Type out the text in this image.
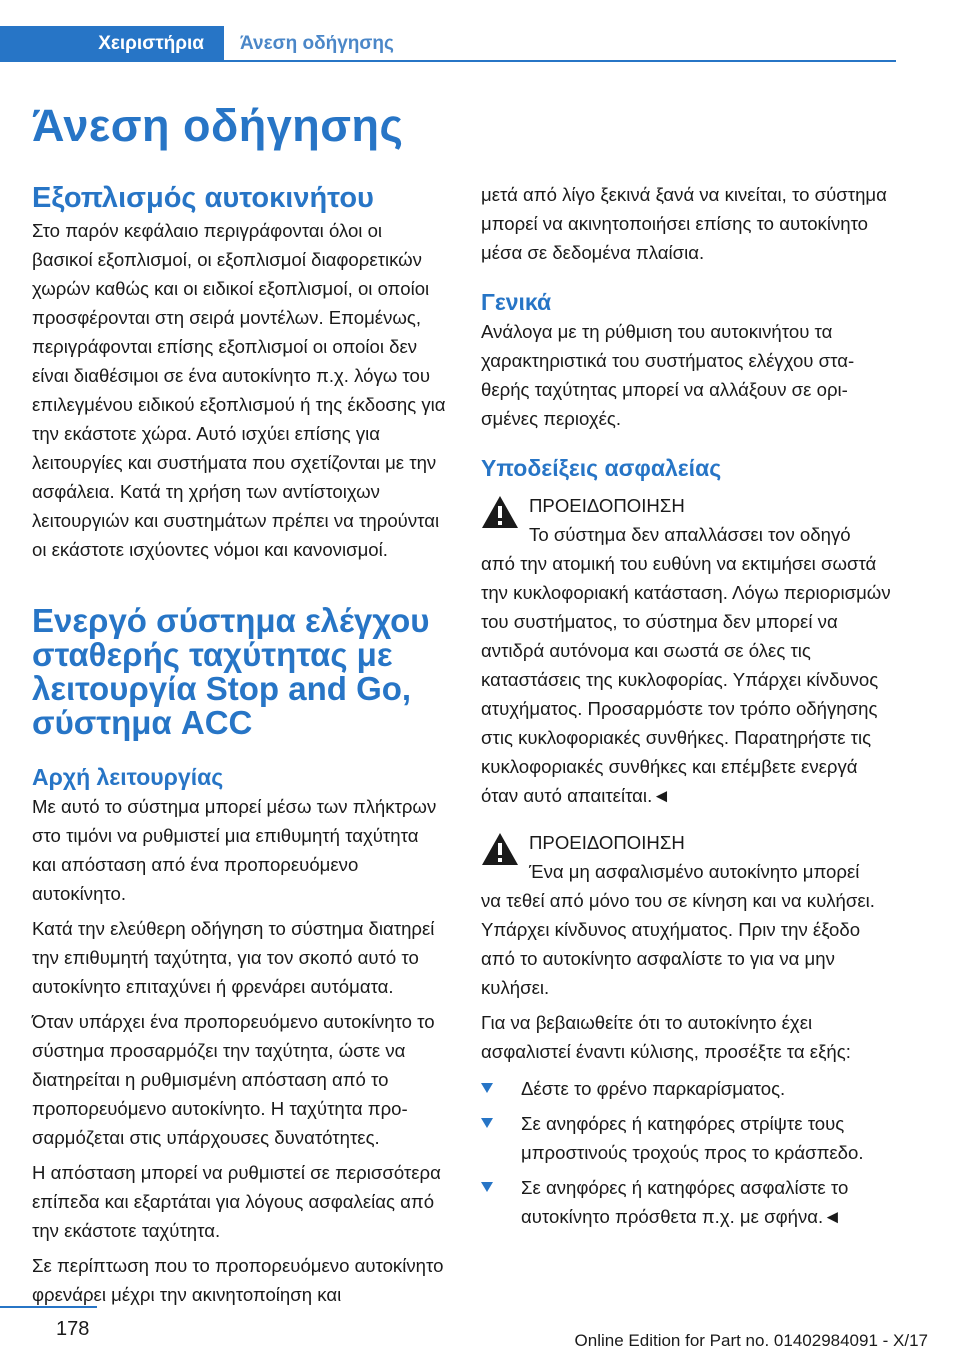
Χειριστήρια Άνεση οδήγησης
Άνεση οδήγησης
Εξοπλισμός αυτοκινήτου

Στο παρόν κεφάλαιο περιγράφονται όλοι οι βασικοί εξοπλισμοί, οι εξοπλισμοί διαφορετικών χωρών καθώς και οι ειδικοί εξοπλισμοί, οι οποίοι προσφέρονται στη σειρά μοντέλων. Επομένως, περιγράφονται επίσης εξοπλισμοί οι οποίοι δεν είναι διαθέσιμοι σε ένα αυτοκίνητο π.χ. λόγω του επιλεγμένου ειδικού εξοπλισμού ή της έκδοσης για την εκάστοτε χώρα. Αυτό ισχύει επίσης για λειτουργίες και συστήματα που σχετίζονται με την ασφάλεια. Κατά τη χρήση των αντίστοιχων λειτουργιών και συστημάτων πρέπει να τηρούνται οι εκάστοτε ισχύοντες νόμοι και κανονισμοί.

Ενεργό σύστημα ελέγχου σταθερής ταχύτητας με λειτουργία Stop and Go, σύστημα ACC
Αρχή λειτουργίας

Με αυτό το σύστημα μπορεί μέσω των πλήκτρων στο τιμόνι να ρυθμιστεί μια επιθυμητή ταχύτητα και απόσταση από ένα προπορευόμενο αυτοκίνητο.

Κατά την ελεύθερη οδήγηση το σύστημα διατηρεί την επιθυμητή ταχύτητα, για τον σκοπό αυτό το αυτοκίνητο επιταχύνει ή φρενάρει αυτόματα.

Όταν υπάρχει ένα προπορευόμενο αυτοκίνητο το σύστημα προσαρμόζει την ταχύτητα, ώστε να διατηρείται η ρυθμισμένη απόσταση από το προπορευόμενο αυτοκίνητο. Η ταχύτητα προσαρμόζεται στις υπάρχουσες δυνατότητες.

Η απόσταση μπορεί να ρυθμιστεί σε περισσότερα επίπεδα και εξαρτάται για λόγους ασφαλείας από την εκάστοτε ταχύτητα.

Σε περίπτωση που το προπορευόμενο αυτοκίνητο φρενάρει μέχρι την ακινητοποίηση και

μετά από λίγο ξεκινά ξανά να κινείται, το σύστημα μπορεί να ακινητοποιήσει επίσης το αυτοκίνητο μέσα σε δεδομένα πλαίσια.

Γενικά

Ανάλογα με τη ρύθμιση του αυτοκινήτου τα χαρακτηριστικά του συστήματος ελέγχου σταθερής ταχύτητας μπορεί να αλλάξουν σε ορισμένες περιοχές.

Υποδείξεις ασφαλείας
ΠΡΟΕΙΔΟΠΟΙΗΣΗ
Το σύστημα δεν απαλλάσσει τον οδηγό

από την ατομική του ευθύνη να εκτιμήσει σωστά την κυκλοφοριακή κατάσταση. Λόγω περιορισμών του συστήματος, το σύστημα δεν μπορεί να αντιδρά αυτόνομα και σωστά σε όλες τις καταστάσεις της κυκλοφορίας. Υπάρχει κίνδυνος ατυχήματος. Προσαρμόστε τον τρόπο οδήγησης στις κυκλοφοριακές συνθήκες. Παρατηρήστε τις κυκλοφοριακές συνθήκες και επέμβετε ενεργά όταν αυτό απαιτείται.◄

ΠΡΟΕΙΔΟΠΟΙΗΣΗ
Ένα μη ασφαλισμένο αυτοκίνητο μπορεί

να τεθεί από μόνο του σε κίνηση και να κυλήσει. Υπάρχει κίνδυνος ατυχήματος. Πριν την έξοδο από το αυτοκίνητο ασφαλίστε το για να μην κυλήσει.

Για να βεβαιωθείτε ότι το αυτοκίνητο έχει ασφαλιστεί έναντι κύλισης, προσέξτε τα εξής:

Δέστε το φρένο παρκαρίσματος.
Σε ανηφόρες ή κατηφόρες στρίψτε τους μπροστινούς τροχούς προς το κράσπεδο.
Σε ανηφόρες ή κατηφόρες ασφαλίστε το αυτοκίνητο πρόσθετα π.χ. με σφήνα.◄
178
Online Edition for Part no. 01402984091 - X/17
